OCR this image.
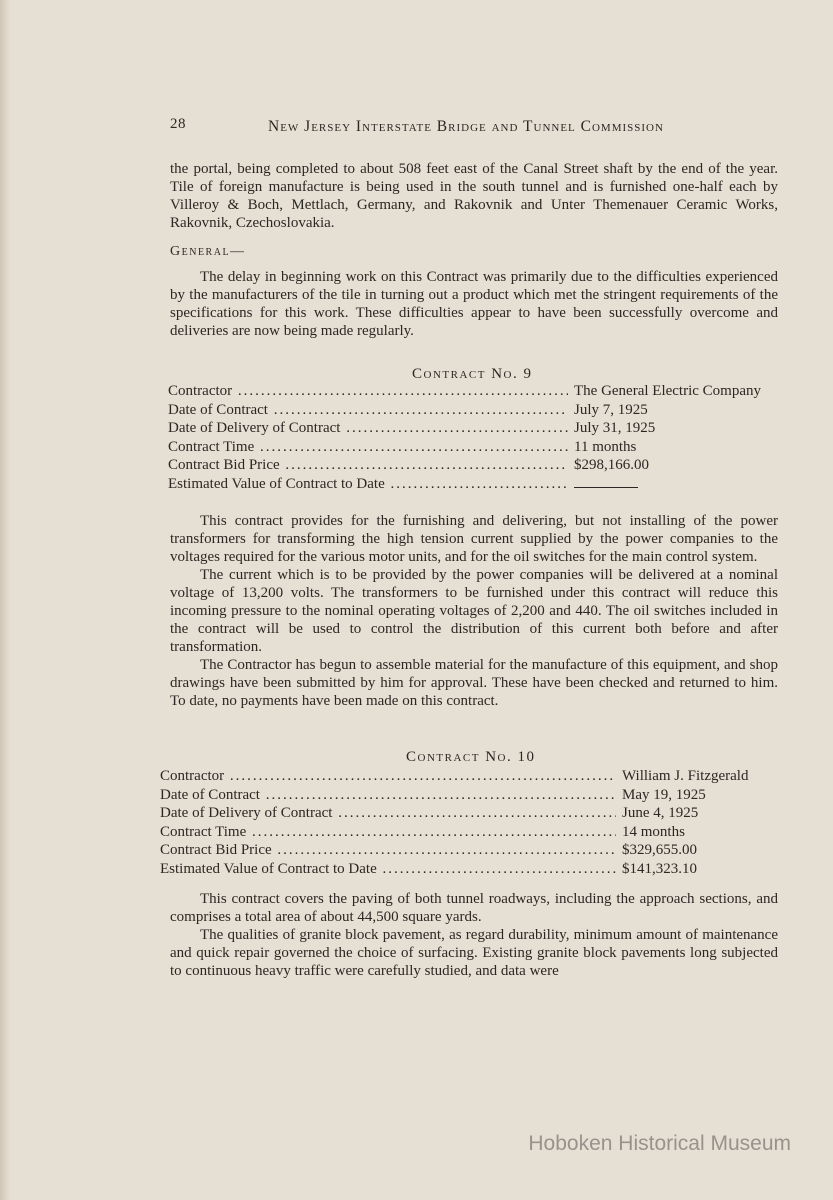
28	New Jersey Interstate Bridge and Tunnel Commission

the portal, being completed to about 508 feet east of the Canal Street shaft by the end of the year. Tile of foreign manufacture is being used in the south tunnel and is furnished one-half each by Villeroy & Boch, Mettlach, Germany, and Rakovnik and Unter Themenauer Ceramic Works, Rakovnik, Czechoslovakia.

General—

The delay in beginning work on this Contract was primarily due to the difficulties experienced by the manufacturers of the tile in turning out a product which met the stringent requirements of the specifications for this work. These difficulties appear to have been successfully overcome and deliveries are now being made regularly.

Contract No. 9
Contractor .....	The General Electric Company
Date of Contract .....	July 7, 1925
Date of Delivery of Contract .....	July 31, 1925
Contract Time .....	11 months
Contract Bid Price .....	$298,166.00
Estimated Value of Contract to Date .....

This contract provides for the furnishing and delivering, but not installing of the power transformers for transforming the high tension current supplied by the power companies to the voltages required for the various motor units, and for the oil switches for the main control system.

The current which is to be provided by the power companies will be delivered at a nominal voltage of 13,200 volts. The transformers to be furnished under this contract will reduce this incoming pressure to the nominal operating voltages of 2,200 and 440. The oil switches included in the contract will be used to control the distribution of this current both before and after transformation.

The Contractor has begun to assemble material for the manufacture of this equipment, and shop drawings have been submitted by him for approval. These have been checked and returned to him. To date, no payments have been made on this contract.

Contract No. 10
Contractor .....	William J. Fitzgerald
Date of Contract .....	May 19, 1925
Date of Delivery of Contract .....	June 4, 1925
Contract Time .....	14 months
Contract Bid Price .....	$329,655.00
Estimated Value of Contract to Date .....	$141,323.10

This contract covers the paving of both tunnel roadways, including the approach sections, and comprises a total area of about 44,500 square yards.

The qualities of granite block pavement, as regard durability, minimum amount of maintenance and quick repair governed the choice of surfacing. Existing granite block pavements long subjected to continuous heavy traffic were carefully studied, and data were

Hoboken Historical Museum
